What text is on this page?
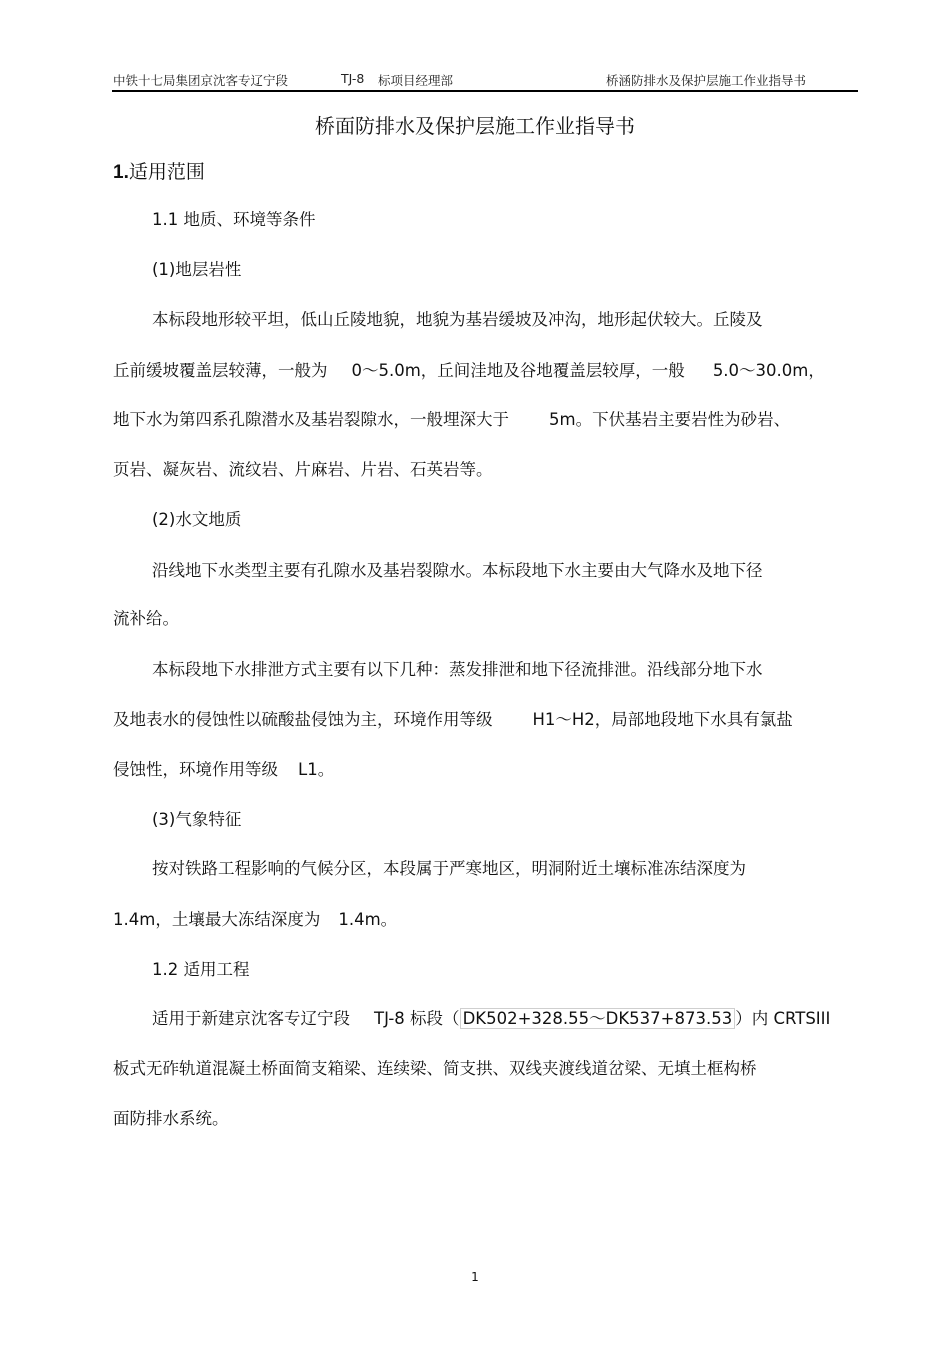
中铁十七局集团京沈客专辽宁段	TJ-8 标项目经理部	桥涵防排水及保护层施工作业指导书
桥面防排水及保护层施工作业指导书
1.适用范围
1.1 地质、环境等条件
(1)地层岩性
本标段地形较平坦，低山丘陵地貌，地貌为基岩缓坡及冲沟，地形起伏较大。丘陵及
丘前缓坡覆盖层较薄，一般为 0～5.0m，丘间洼地及谷地覆盖层较厚，一般 5.0～30.0m，
地下水为第四系孔隙潜水及基岩裂隙水，一般埋深大于 5m。下伏基岩主要岩性为砂岩、
页岩、凝灰岩、流纹岩、片麻岩、片岩、石英岩等。
(2)水文地质
沿线地下水类型主要有孔隙水及基岩裂隙水。本标段地下水主要由大气降水及地下径
流补给。
本标段地下水排泄方式主要有以下几种：蒸发排泄和地下径流排泄。沿线部分地下水
及地表水的侵蚀性以硫酸盐侵蚀为主，环境作用等级 H1～H2，局部地段地下水具有氯盐
侵蚀性，环境作用等级 L1。
(3)气象特征
按对铁路工程影响的气候分区，本段属于严寒地区，明洞附近土壤标准冻结深度为
1.4m，土壤最大冻结深度为 1.4m。
1.2 适用工程
适用于新建京沈客专辽宁段 TJ-8 标段（ DK502+328.55～DK537+873.53 ）内 CRTSIII
板式无砟轨道混凝土桥面简支箱梁、连续梁、简支拱、双线夹渡线道岔梁、无填土框构桥
面防排水系统。
1
